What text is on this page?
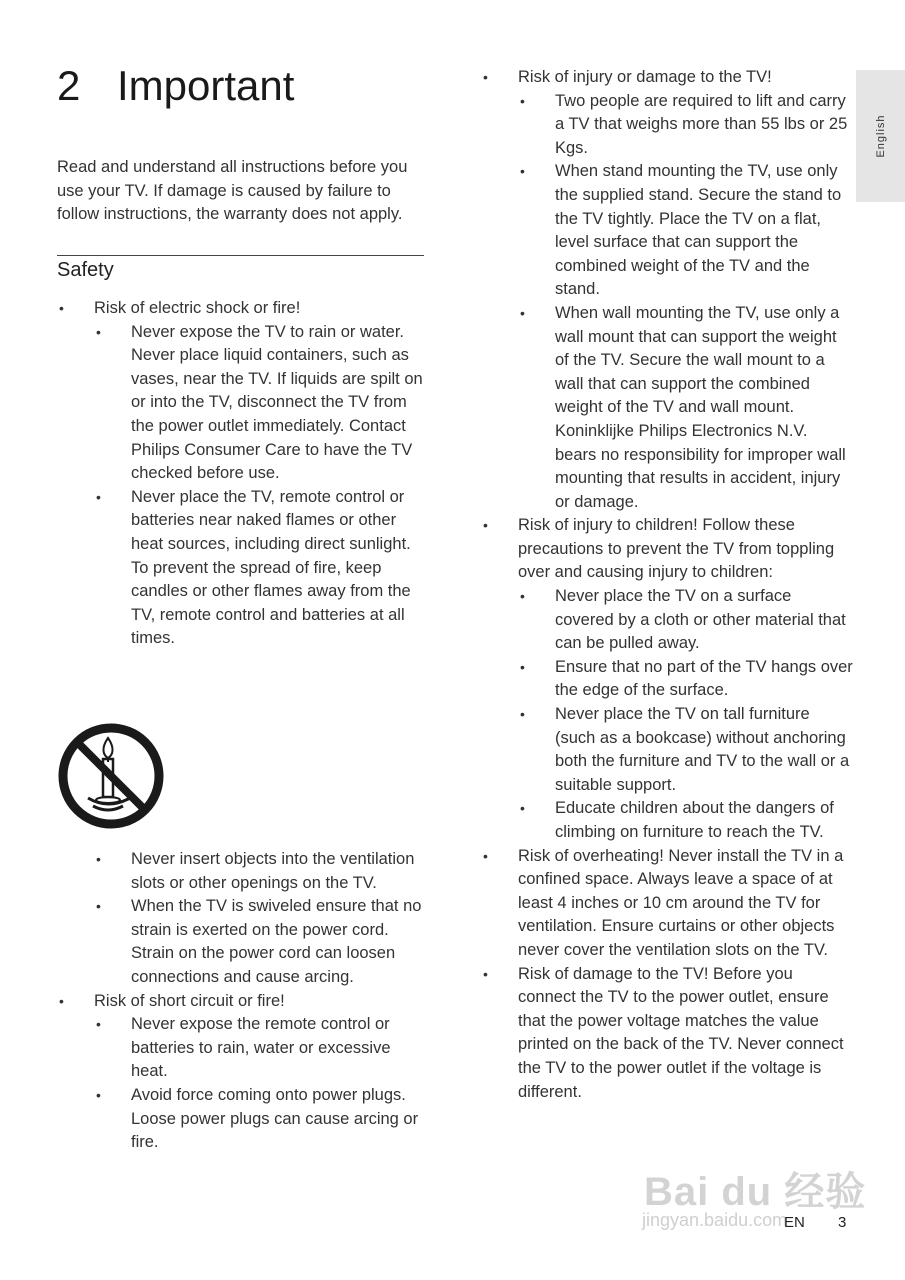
2 Important

Read and understand all instructions before you use your TV. If damage is caused by failure to follow instructions, the warranty does not apply.

Safety
• Risk of electric shock or fire!
• Never expose the TV to rain or water. Never place liquid containers, such as vases, near the TV. If liquids are spilt on or into the TV, disconnect the TV from the power outlet immediately. Contact Philips Consumer Care to have the TV checked before use.
• Never place the TV, remote control or batteries near naked flames or other heat sources, including direct sunlight.
To prevent the spread of fire, keep candles or other flames away from the TV, remote control and batteries at all times.
• Never insert objects into the ventilation slots or other openings on the TV.
• When the TV is swiveled ensure that no strain is exerted on the power cord. Strain on the power cord can loosen connections and cause arcing.
• Risk of short circuit or fire!
• Never expose the remote control or batteries to rain, water or excessive heat.
• Avoid force coming onto power plugs. Loose power plugs can cause arcing or fire.
• Risk of injury or damage to the TV!
• Two people are required to lift and carry a TV that weighs more than 55 lbs or 25 Kgs.
• When stand mounting the TV, use only the supplied stand. Secure the stand to the TV tightly. Place the TV on a flat, level surface that can support the combined weight of the TV and the stand.
• When wall mounting the TV, use only a wall mount that can support the weight of the TV. Secure the wall mount to a wall that can support the combined weight of the TV and wall mount. Koninklijke Philips Electronics N.V. bears no responsibility for improper wall mounting that results in accident, injury or damage.
• Risk of injury to children! Follow these precautions to prevent the TV from toppling over and causing injury to children:
• Never place the TV on a surface covered by a cloth or other material that can be pulled away.
• Ensure that no part of the TV hangs over the edge of the surface.
• Never place the TV on tall furniture (such as a bookcase) without anchoring both the furniture and TV to the wall or a suitable support.
• Educate children about the dangers of climbing on furniture to reach the TV.
• Risk of overheating! Never install the TV in a confined space. Always leave a space of at least 4 inches or 10 cm around the TV for ventilation. Ensure curtains or other objects never cover the ventilation slots on the TV.
• Risk of damage to the TV! Before you connect the TV to the power outlet, ensure that the power voltage matches the value printed on the back of the TV. Never connect the TV to the power outlet if the voltage is different.
English
Bai du 经验
jingyan.baidu.com
EN 3
